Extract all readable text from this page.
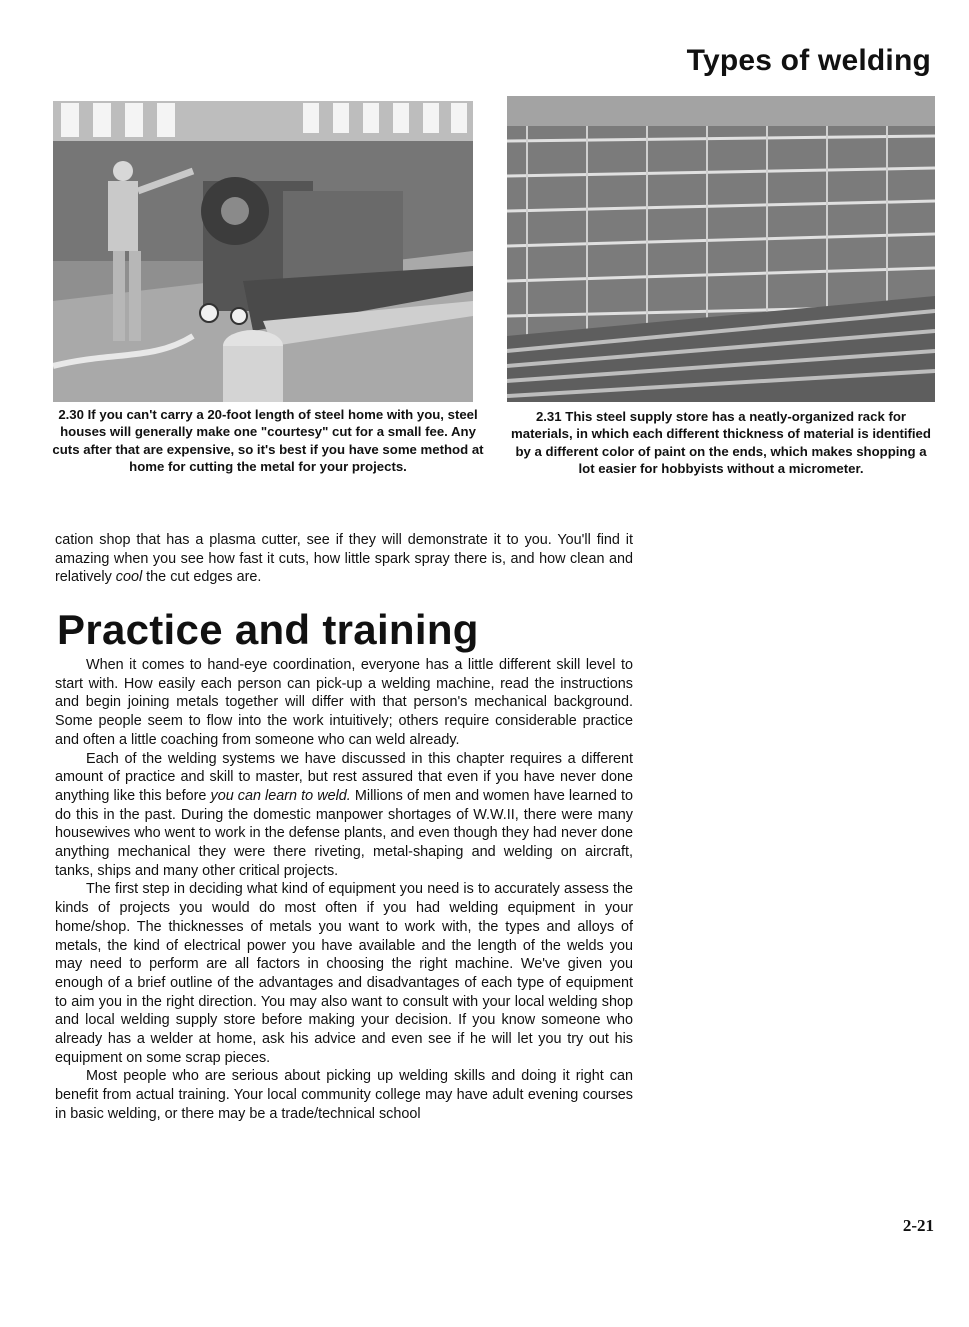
Types of welding
2.30 If you can't carry a 20-foot length of steel home with you, steel houses will generally make one "courtesy" cut for a small fee. Any cuts after that are expensive, so it's best if you have some method at home for cutting the metal for your projects.
2.31 This steel supply store has a neatly-organized rack for materials, in which each different thickness of material is identified by a different color of paint on the ends, which makes shopping a lot easier for hobbyists without a micrometer.

cation shop that has a plasma cutter, see if they will demonstrate it to you. You'll find it amazing when you see how fast it cuts, how little spark spray there is, and how clean and relatively cool the cut edges are.

Practice and training

When it comes to hand-eye coordination, everyone has a little different skill level to start with. How easily each person can pick-up a welding machine, read the instructions and begin joining metals together will differ with that person's mechanical background. Some people seem to flow into the work intuitively; others require considerable practice and often a little coaching from someone who can weld already.

Each of the welding systems we have discussed in this chapter requires a different amount of practice and skill to master, but rest assured that even if you have never done anything like this before you can learn to weld. Millions of men and women have learned to do this in the past. During the domestic manpower shortages of W.W.II, there were many housewives who went to work in the defense plants, and even though they had never done anything mechanical they were there riveting, metal-shaping and welding on aircraft, tanks, ships and many other critical projects.

The first step in deciding what kind of equipment you need is to accurately assess the kinds of projects you would do most often if you had welding equipment in your home/shop. The thicknesses of metals you want to work with, the types and alloys of metals, the kind of electrical power you have available and the length of the welds you may need to perform are all factors in choosing the right machine. We've given you enough of a brief outline of the advantages and disadvantages of each type of equipment to aim you in the right direction. You may also want to consult with your local welding shop and local welding supply store before making your decision. If you know someone who already has a welder at home, ask his advice and even see if he will let you try out his equipment on some scrap pieces.

Most people who are serious about picking up welding skills and doing it right can benefit from actual training. Your local community college may have adult evening courses in basic welding, or there may be a trade/technical school

2-21
